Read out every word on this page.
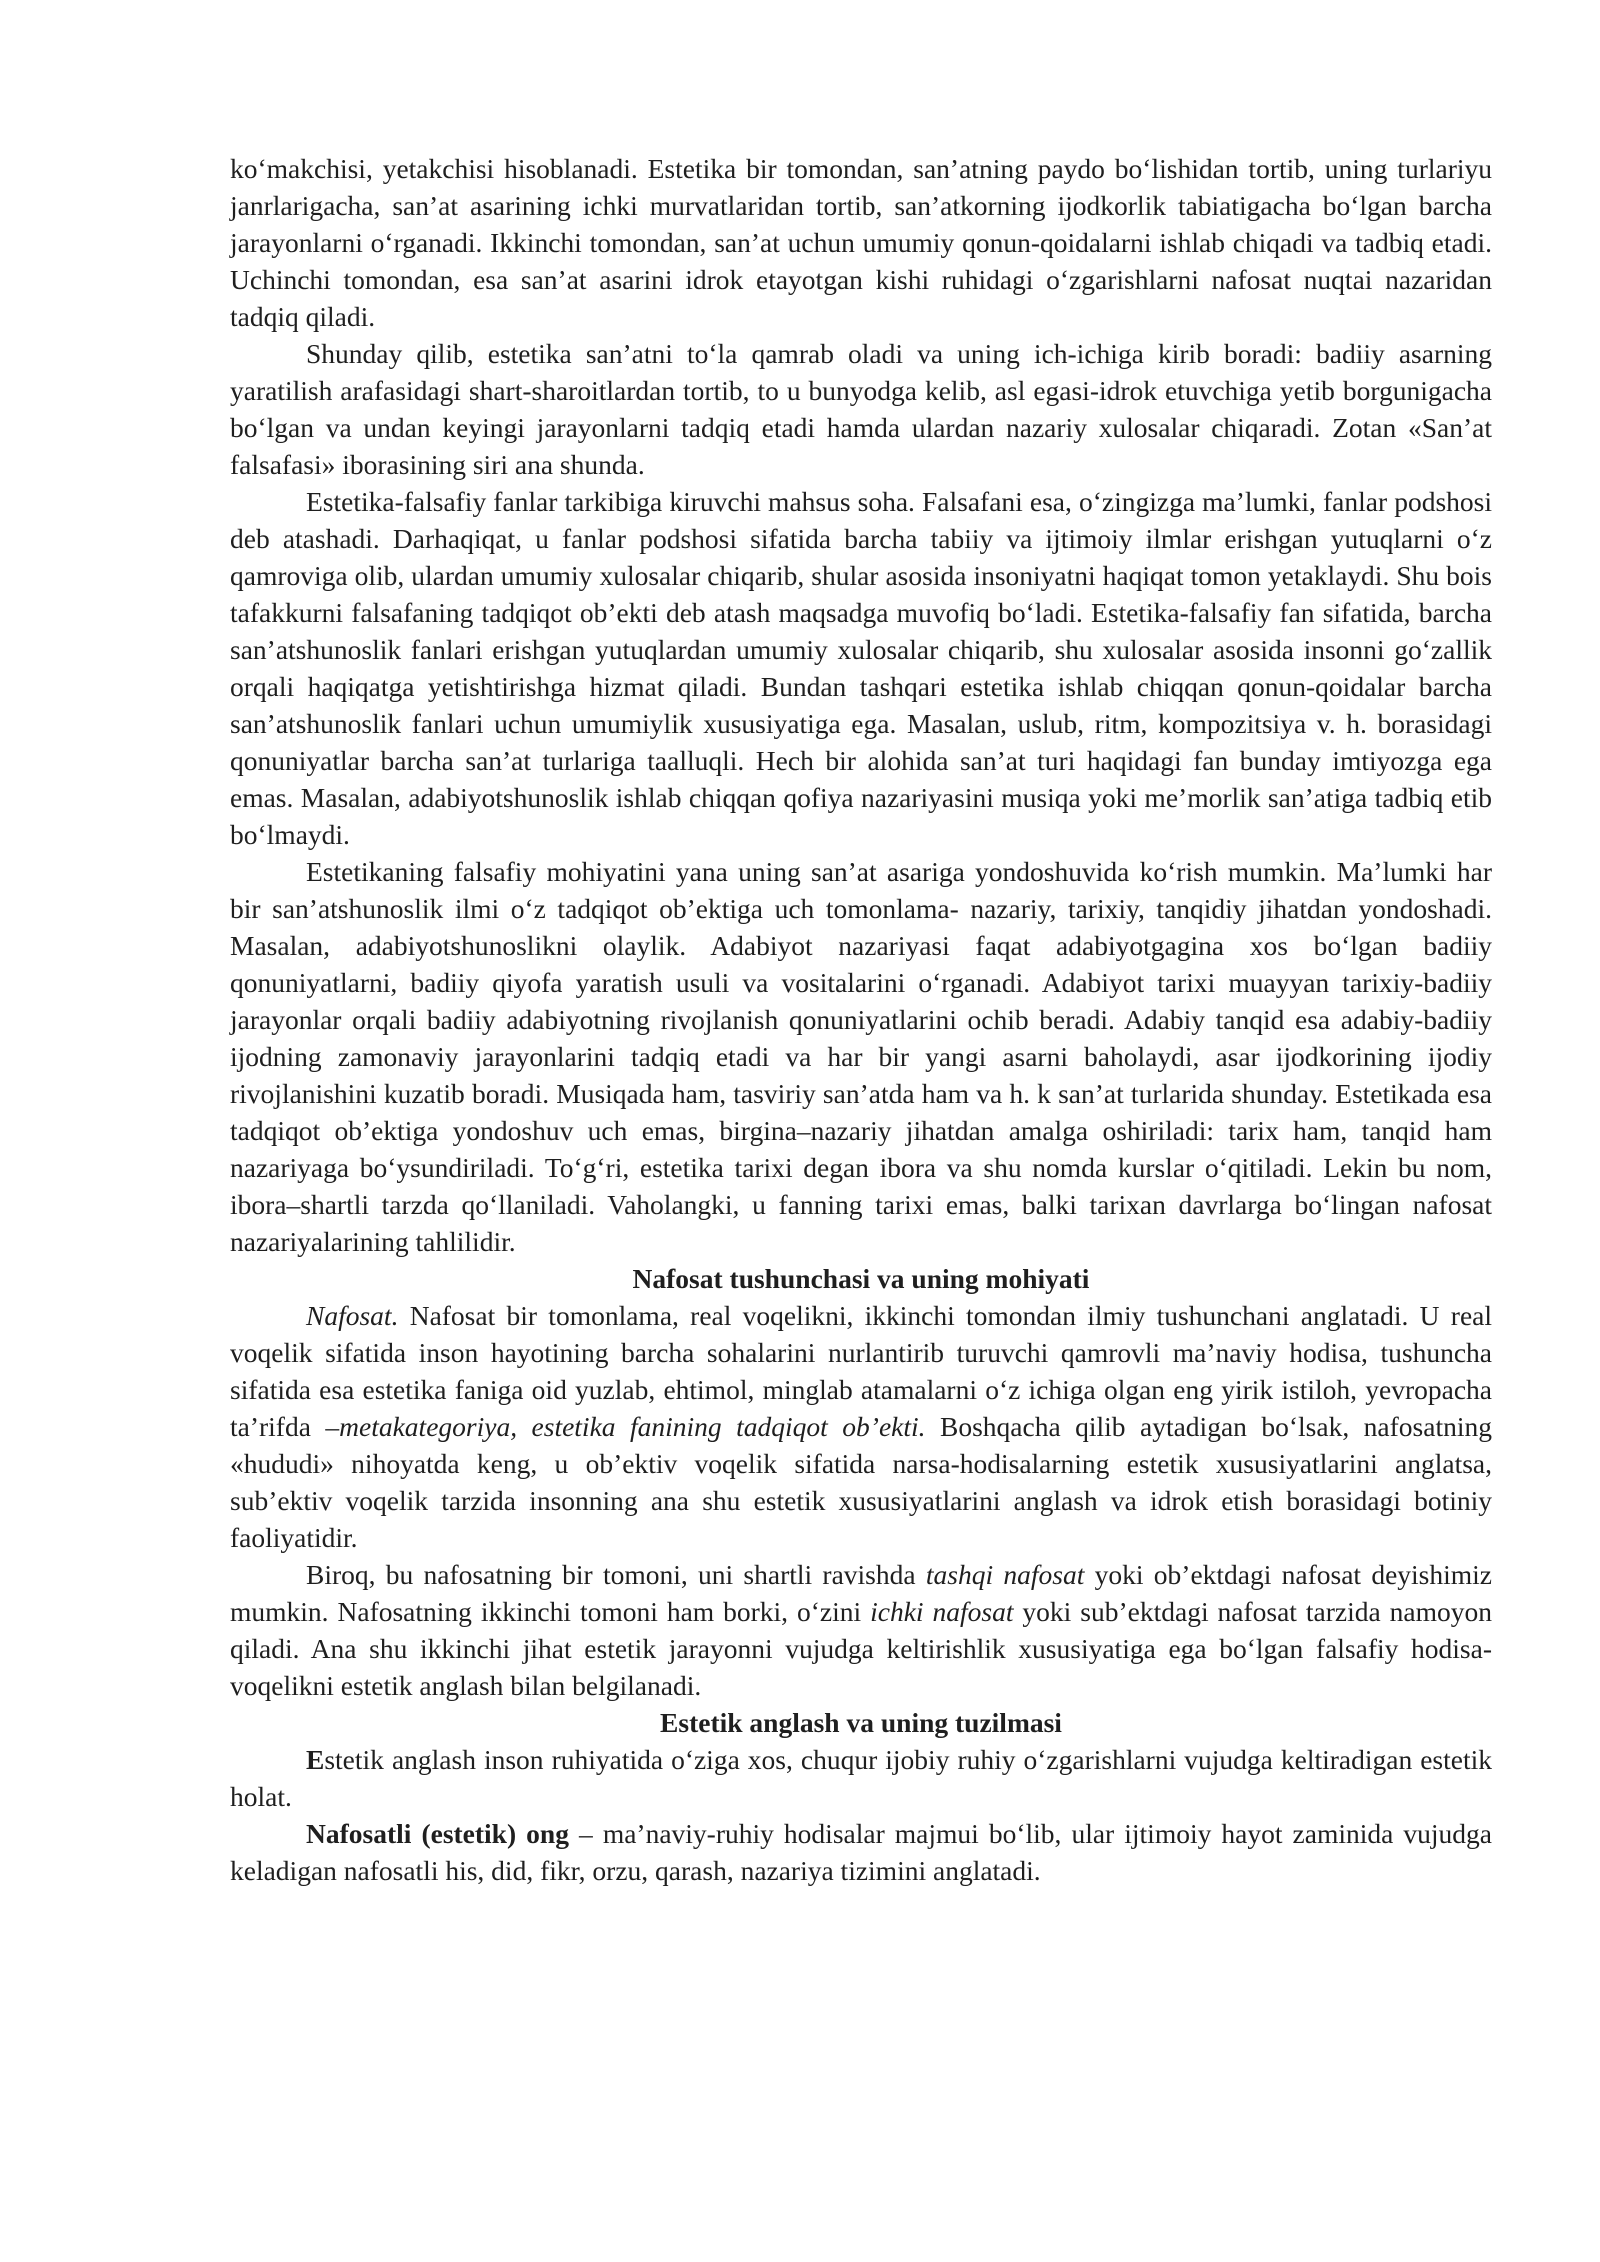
ko‘makchisi, yetakchisi hisoblanadi. Estetika bir tomondan, san’atning paydo bo‘lishidan tortib, uning turlariyu janrlarigacha, san’at asarining ichki murvatlaridan tortib, san’atkorning ijodkorlik tabiatigacha bo‘lgan barcha jarayonlarni o‘rganadi. Ikkinchi tomondan, san’at uchun umumiy qonun-qoidalarni ishlab chiqadi va tadbiq etadi. Uchinchi tomondan, esa san’at asarini idrok etayotgan kishi ruhidagi o‘zgarishlarni nafosat nuqtai nazaridan tadqiq qiladi.

Shunday qilib, estetika san’atni to‘la qamrab oladi va uning ich-ichiga kirib boradi: badiiy asarning yaratilish arafasidagi shart-sharoitlardan tortib, to u bunyodga kelib, asl egasi-idrok etuvchiga yetib borgunigacha bo‘lgan va undan keyingi jarayonlarni tadqiq etadi hamda ulardan nazariy xulosalar chiqaradi. Zotan «San’at falsafasi» iborasining siri ana shunda.

Estetika-falsafiy fanlar tarkibiga kiruvchi mahsus soha. Falsafani esa, o‘zingizga ma’lumki, fanlar podshosi deb atashadi. Darhaqiqat, u fanlar podshosi sifatida barcha tabiiy va ijtimoiy ilmlar erishgan yutuqlarni o‘z qamroviga olib, ulardan umumiy xulosalar chiqarib, shular asosida insoniyatni haqiqat tomon yetaklaydi. Shu bois tafakkurni falsafaning tadqiqot ob’ekti deb atash maqsadga muvofiq bo‘ladi. Estetika-falsafiy fan sifatida, barcha san’atshunoslik fanlari erishgan yutuqlardan umumiy xulosalar chiqarib, shu xulosalar asosida insonni go‘zallik orqali haqiqatga yetishtirishga hizmat qiladi. Bundan tashqari estetika ishlab chiqqan qonun-qoidalar barcha san’atshunoslik fanlari uchun umumiylik xususiyatiga ega. Masalan, uslub, ritm, kompozitsiya v. h. borasidagi qonuniyatlar barcha san’at turlariga taalluqli. Hech bir alohida san’at turi haqidagi fan bunday imtiyozga ega emas. Masalan, adabiyotshunoslik ishlab chiqqan qofiya nazariyasini musiqa yoki me’morlik san’atiga tadbiq etib bo‘lmaydi.

Estetikaning falsafiy mohiyatini yana uning san’at asariga yondoshuvida ko‘rish mumkin. Ma’lumki har bir san’atshunoslik ilmi o‘z tadqiqot ob’ektiga uch tomonlama- nazariy, tarixiy, tanqidiy jihatdan yondoshadi. Masalan, adabiyotshunoslikni olaylik. Adabiyot nazariyasi faqat adabiyotgagina xos bo‘lgan badiiy qonuniyatlarni, badiiy qiyofa yaratish usuli va vositalarini o‘rganadi. Adabiyot tarixi muayyan tarixiy-badiiy jarayonlar orqali badiiy adabiyotning rivojlanish qonuniyatlarini ochib beradi. Adabiy tanqid esa adabiy-badiiy ijodning zamonaviy jarayonlarini tadqiq etadi va har bir yangi asarni baholaydi, asar ijodkorining ijodiy rivojlanishini kuzatib boradi. Musiqada ham, tasviriy san’atda ham va h. k san’at turlarida shunday. Estetikada esa tadqiqot ob’ektiga yondoshuv uch emas, birgina–nazariy jihatdan amalga oshiriladi: tarix ham, tanqid ham nazariyaga bo‘ysundiriladi. To‘g‘ri, estetika tarixi degan ibora va shu nomda kurslar o‘qitiladi. Lekin bu nom, ibora–shartli tarzda qo‘llaniladi. Vaholangki, u fanning tarixi emas, balki tarixan davrlarga bo‘lingan nafosat nazariyalarining tahlilidir.

Nafosat tushunchasi va uning mohiyati

Nafosat. Nafosat bir tomonlama, real voqelikni, ikkinchi tomondan ilmiy tushunchani anglatadi. U real voqelik sifatida inson hayotining barcha sohalarini nurlantirib turuvchi qamrovli ma’naviy hodisa, tushuncha sifatida esa estetika faniga oid yuzlab, ehtimol, minglab atamalarni o‘z ichiga olgan eng yirik istiloh, yevropacha ta’rifda –metakategoriya, estetika fanining tadqiqot ob’ekti. Boshqacha qilib aytadigan bo‘lsak, nafosatning «hududi» nihoyatda keng, u ob’ektiv voqelik sifatida narsa-hodisalarning estetik xususiyatlarini anglatsa, sub’ektiv voqelik tarzida insonning ana shu estetik xususiyatlarini anglash va idrok etish borasidagi botiniy faoliyatidir.

Biroq, bu nafosatning bir tomoni, uni shartli ravishda tashqi nafosat yoki ob’ektdagi nafosat deyishimiz mumkin. Nafosatning ikkinchi tomoni ham borki, o‘zini ichki nafosat yoki sub’ektdagi nafosat tarzida namoyon qiladi. Ana shu ikkinchi jihat estetik jarayonni vujudga keltirishlik xususiyatiga ega bo‘lgan falsafiy hodisa-voqelikni estetik anglash bilan belgilanadi.

Estetik anglash va uning tuzilmasi

Estetik anglash inson ruhiyatida o‘ziga xos, chuqur ijobiy ruhiy o‘zgarishlarni vujudga keltiradigan estetik holat.

Nafosatli (estetik) ong – ma’naviy-ruhiy hodisalar majmui bo‘lib, ular ijtimoiy hayot zaminida vujudga keladigan nafosatli his, did, fikr, orzu, qarash, nazariya tizimini anglatadi.
